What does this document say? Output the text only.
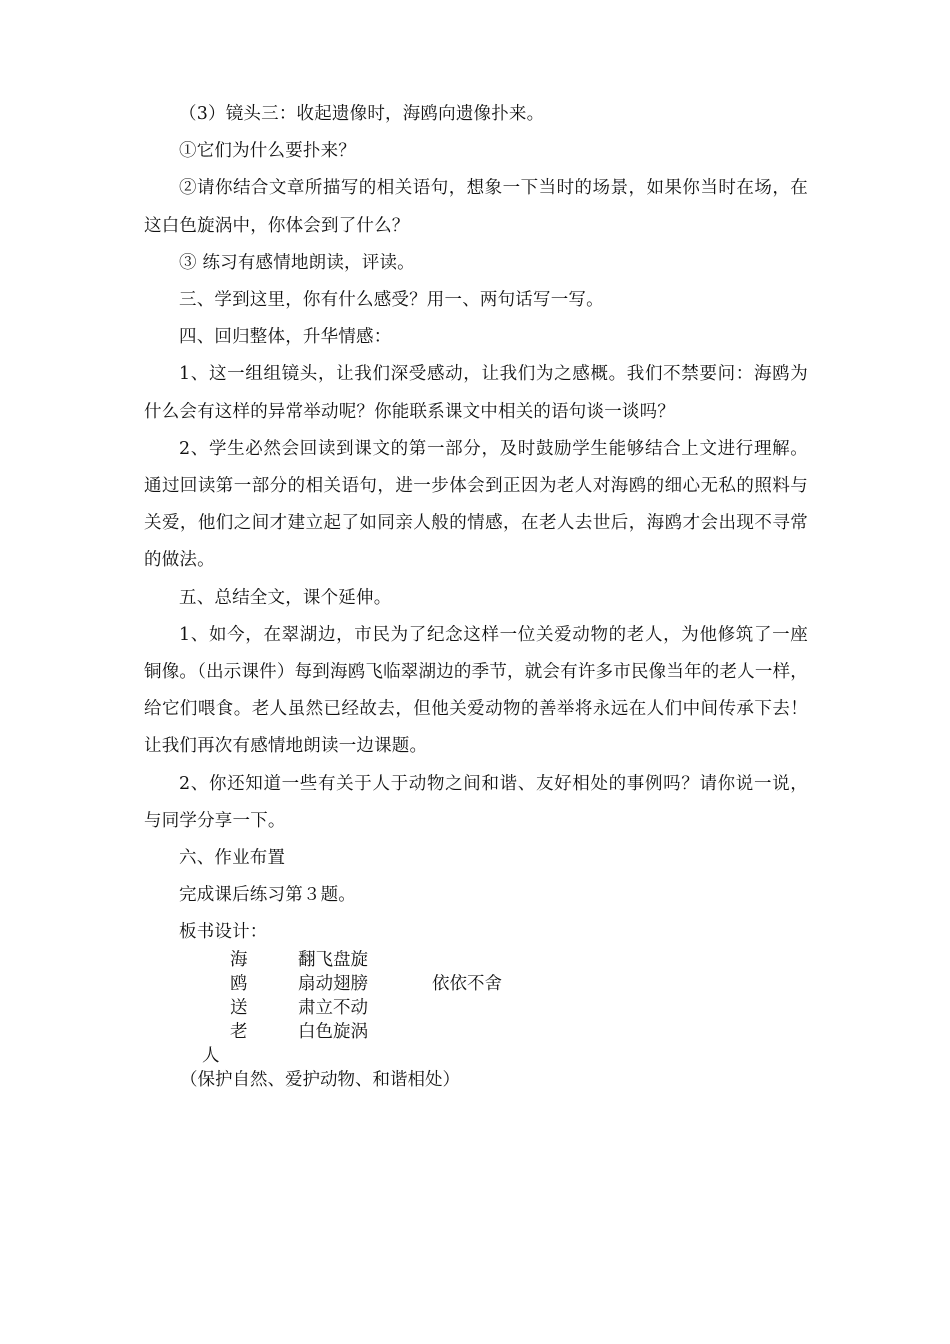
（3）镜头三：收起遗像时，海鸥向遗像扑来。

①它们为什么要扑来？

②请你结合文章所描写的相关语句，想象一下当时的场景，如果你当时在场，在这白色旋涡中，你体会到了什么？

③ 练习有感情地朗读，评读。

三、学到这里，你有什么感受？用一、两句话写一写。

四、回归整体，升华情感：

1、这一组组镜头，让我们深受感动，让我们为之感概。我们不禁要问：海鸥为什么会有这样的异常举动呢？你能联系课文中相关的语句谈一谈吗？

2、学生必然会回读到课文的第一部分，及时鼓励学生能够结合上文进行理解。通过回读第一部分的相关语句，进一步体会到正因为老人对海鸥的细心无私的照料与关爱，他们之间才建立起了如同亲人般的情感，在老人去世后，海鸥才会出现不寻常的做法。

五、总结全文，课个延伸。

1、如今，在翠湖边，市民为了纪念这样一位关爱动物的老人，为他修筑了一座铜像。（出示课件）每到海鸥飞临翠湖边的季节，就会有许多市民像当年的老人一样，给它们喂食。老人虽然已经故去，但他关爱动物的善举将永远在人们中间传承下去！让我们再次有感情地朗读一边课题。

2、你还知道一些有关于人于动物之间和谐、友好相处的事例吗？请你说一说，与同学分享一下。

六、作业布置

完成课后练习第３题。

板书设计：

海	翻飞盘旋
鸥	扇动翅膀	依依不舍
送	肃立不动
老	白色旋涡
人
（保护自然、爱护动物、和谐相处）
